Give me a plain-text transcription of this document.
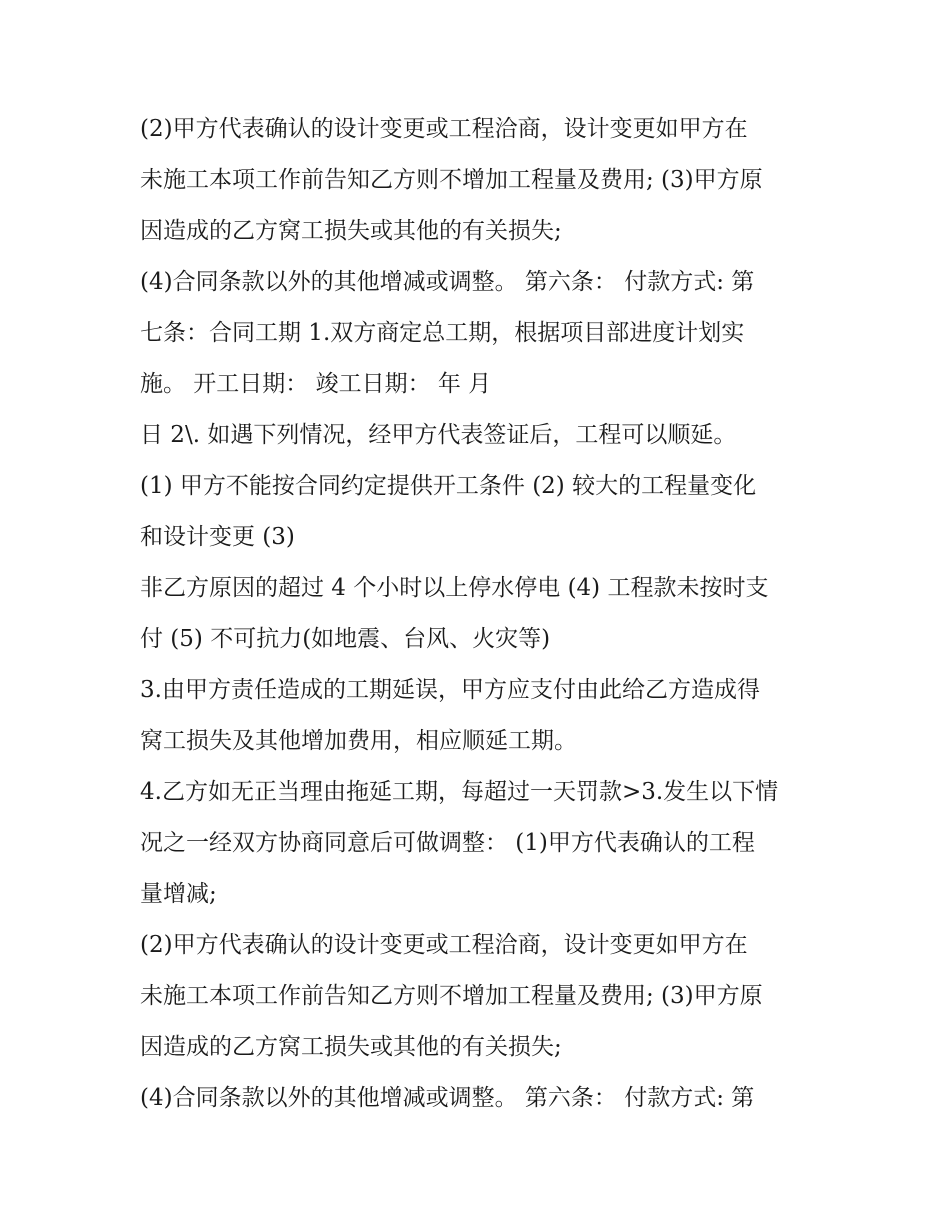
(2)甲方代表确认的设计变更或工程洽商，设计变更如甲方在
未施工本项工作前告知乙方则不增加工程量及费用; (3)甲方原
因造成的乙方窝工损失或其他的有关损失;
(4)合同条款以外的其他增减或调整。 第六条： 付款方式: 第
七条：合同工期 1.双方商定总工期，根据项目部进度计划实
施。 开工日期： 竣工日期： 年 月
日 2\. 如遇下列情况，经甲方代表签证后，工程可以顺延。
(1) 甲方不能按合同约定提供开工条件 (2) 较大的工程量变化
和设计变更 (3)
非乙方原因的超过 4 个小时以上停水停电 (4) 工程款未按时支
付 (5) 不可抗力(如地震、台风、火灾等)
3.由甲方责任造成的工期延误，甲方应支付由此给乙方造成得
窝工损失及其他增加费用，相应顺延工期。
4.乙方如无正当理由拖延工期，每超过一天罚款>3.发生以下情
况之一经双方协商同意后可做调整： (1)甲方代表确认的工程
量增减;
(2)甲方代表确认的设计变更或工程洽商，设计变更如甲方在
未施工本项工作前告知乙方则不增加工程量及费用; (3)甲方原
因造成的乙方窝工损失或其他的有关损失;
(4)合同条款以外的其他增减或调整。 第六条： 付款方式: 第
